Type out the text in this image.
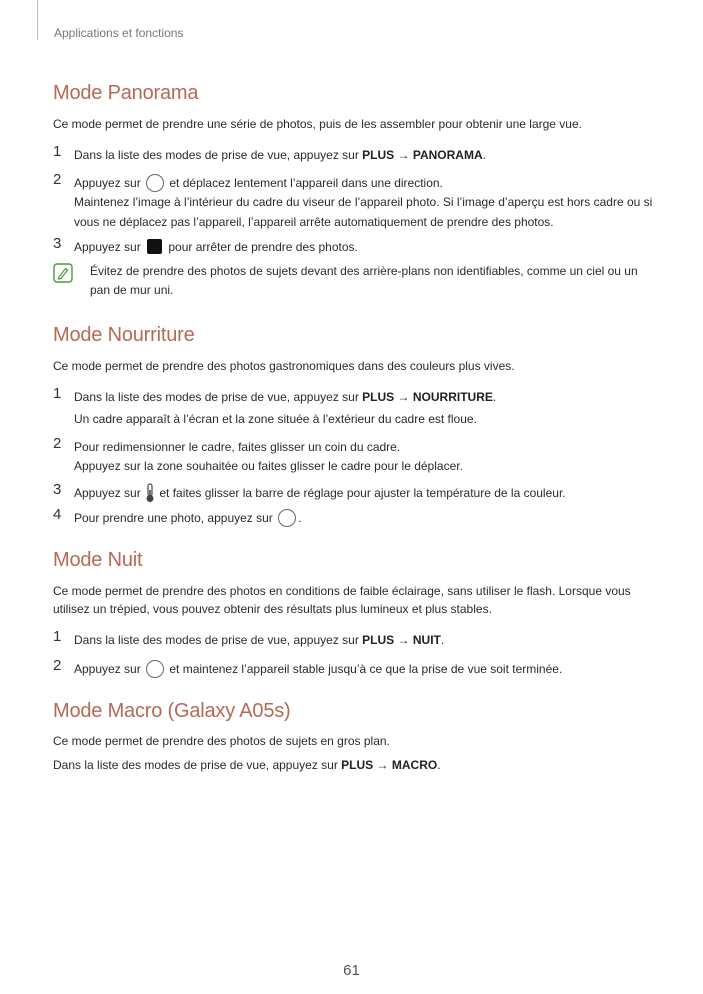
Applications et fonctions
Mode Panorama
Ce mode permet de prendre une série de photos, puis de les assembler pour obtenir une large vue.
1 Dans la liste des modes de prise de vue, appuyez sur PLUS → PANORAMA.
2 Appuyez sur  et déplacez lentement l’appareil dans une direction.
Maintenez l’image à l’intérieur du cadre du viseur de l’appareil photo. Si l’image d’aperçu est hors cadre ou si vous ne déplacez pas l’appareil, l’appareil arrête automatiquement de prendre des photos.
3 Appuyez sur  pour arrêter de prendre des photos.
Évitez de prendre des photos de sujets devant des arrière-plans non identifiables, comme un ciel ou un pan de mur uni.
Mode Nourriture
Ce mode permet de prendre des photos gastronomiques dans des couleurs plus vives.
1 Dans la liste des modes de prise de vue, appuyez sur PLUS → NOURRITURE.
Un cadre apparaît à l’écran et la zone située à l’extérieur du cadre est floue.
2 Pour redimensionner le cadre, faites glisser un coin du cadre.
Appuyez sur la zone souhaitée ou faites glisser le cadre pour le déplacer.
3 Appuyez sur  et faites glisser la barre de réglage pour ajuster la température de la couleur.
4 Pour prendre une photo, appuyez sur .
Mode Nuit
Ce mode permet de prendre des photos en conditions de faible éclairage, sans utiliser le flash. Lorsque vous utilisez un trépied, vous pouvez obtenir des résultats plus lumineux et plus stables.
1 Dans la liste des modes de prise de vue, appuyez sur PLUS → NUIT.
2 Appuyez sur  et maintenez l’appareil stable jusqu’à ce que la prise de vue soit terminée.
Mode Macro (Galaxy A05s)
Ce mode permet de prendre des photos de sujets en gros plan.
Dans la liste des modes de prise de vue, appuyez sur PLUS → MACRO.
61
